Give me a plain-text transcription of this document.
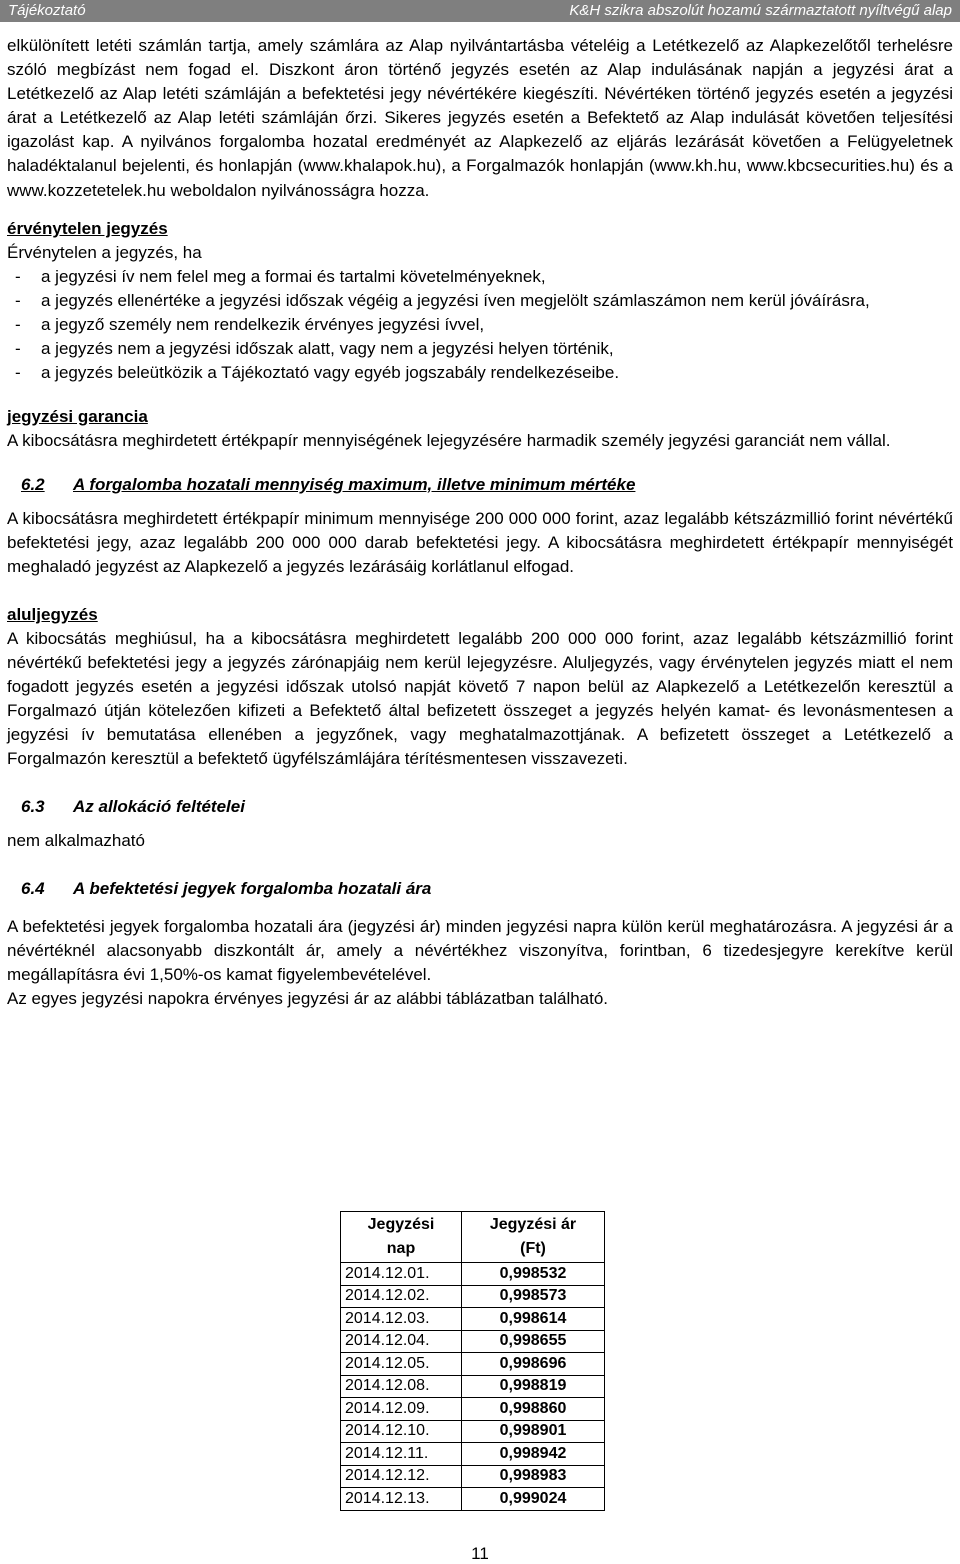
Tájékoztató	K&H szikra abszolút hozamú származtatott nyíltvégű alap

elkülönített letéti számlán tartja, amely számlára az Alap nyilvántartásba vételéig a Letétkezelő az Alapkezelőtől terhelésre szóló megbízást nem fogad el. Diszkont áron történő jegyzés esetén az Alap indulásának napján a jegyzési árat a Letétkezelő az Alap letéti számláján a befektetési jegy névértékére kiegészíti. Névértéken történő jegyzés esetén a jegyzési árat a Letétkezelő az Alap letéti számláján őrzi. Sikeres jegyzés esetén a Befektető az Alap indulását követően teljesítési igazolást kap. A nyilvános forgalomba hozatal eredményét az Alapkezelő az eljárás lezárását követően a Felügyeletnek haladéktalanul bejelenti, és honlapján (www.khalapok.hu), a Forgalmazók honlapján (www.kh.hu, www.kbcsecurities.hu) és a www.kozzetetelek.hu weboldalon nyilvánosságra hozza.

érvénytelen jegyzés

Érvénytelen a jegyzés, ha

- a jegyzési ív nem felel meg a formai és tartalmi követelményeknek,
- a jegyzés ellenértéke a jegyzési időszak végéig a jegyzési íven megjelölt számlaszámon nem kerül jóváírásra,
- a jegyző személy nem rendelkezik érvényes jegyzési ívvel,
- a jegyzés nem a jegyzési időszak alatt, vagy nem a jegyzési helyen történik,
- a jegyzés beleütközik a Tájékoztató vagy egyéb jogszabály rendelkezéseibe.
jegyzési garancia

A kibocsátásra meghirdetett értékpapír mennyiségének lejegyzésére harmadik személy jegyzési garanciát nem vállal.

6.2 A forgalomba hozatali mennyiség maximum, illetve minimum mértéke

A kibocsátásra meghirdetett értékpapír minimum mennyisége 200 000 000 forint, azaz legalább kétszázmillió forint névértékű befektetési jegy, azaz legalább 200 000 000 darab befektetési jegy. A kibocsátásra meghirdetett értékpapír mennyiségét meghaladó jegyzést az Alapkezelő a jegyzés lezárásáig korlátlanul elfogad.

aluljegyzés

A kibocsátás meghiúsul, ha a kibocsátásra meghirdetett legalább 200 000 000 forint, azaz legalább kétszázmillió forint névértékű befektetési jegy a jegyzés zárónapjáig nem kerül lejegyzésre. Aluljegyzés, vagy érvénytelen jegyzés miatt el nem fogadott jegyzés esetén a jegyzési időszak utolsó napját követő 7 napon belül az Alapkezelő a Letétkezelőn keresztül a Forgalmazó útján kötelezően kifizeti a Befektető által befizetett összeget a jegyzés helyén kamat- és levonásmentesen a jegyzési ív bemutatása ellenében a jegyzőnek, vagy meghatalmazottjának. A befizetett összeget a Letétkezelő a Forgalmazón keresztül a befektető ügyfélszámlájára térítésmentesen visszavezeti.

6.3 Az allokáció feltételei

nem alkalmazható

6.4 A befektetési jegyek forgalomba hozatali ára

A befektetési jegyek forgalomba hozatali ára (jegyzési ár) minden jegyzési napra külön kerül meghatározásra. A jegyzési ár a névértéknél alacsonyabb diszkontált ár, amely a névértékhez viszonyítva, forintban, 6 tizedesjegyre kerekítve kerül megállapításra évi 1,50%-os kamat figyelembevételével.

Az egyes jegyzési napokra érvényes jegyzési ár az alábbi táblázatban található.

Jegyzési
nap	Jegyzési ár
(Ft)
2014.12.01.	0,998532
2014.12.02.	0,998573
2014.12.03.	0,998614
2014.12.04.	0,998655
2014.12.05.	0,998696
2014.12.08.	0,998819
2014.12.09.	0,998860
2014.12.10.	0,998901
2014.12.11.	0,998942
2014.12.12.	0,998983
2014.12.13.	0,999024
11
